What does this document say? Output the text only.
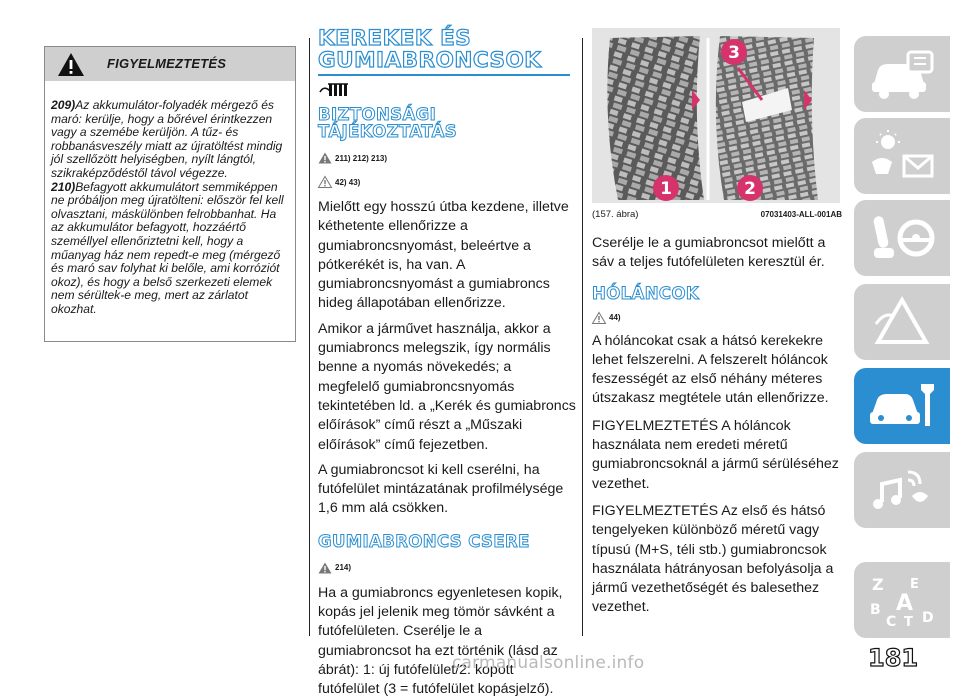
FIGYELMEZTETÉS

209)Az akkumulátor-folyadék mérgező és maró: kerülje, hogy a bőrével érintkezzen vagy a szemébe kerüljön. A tűz- és robbanásveszély miatt az újratöltést mindig jól szellőzött helyiségben, nyílt lángtól, szikraképződéstől távol végezze.

210)Befagyott akkumulátort semmiképpen ne próbáljon meg újratölteni: először fel kell olvasztani, máskülönben felrobbanhat. Ha az akkumulátor befagyott, hozzáértő személlyel ellenőriztetni kell, hogy a műanyag ház nem repedt-e meg (mérgező és maró sav folyhat ki belőle, ami korróziót okoz), és hogy a belső szerkezeti elemek nem sérültek-e meg, mert az zárlatot okozhat.

KEREKEK ÉS
GUMIABRONCSOK
BIZTONSÁGI
TÁJÉKOZTATÁS
211) 212) 213)
42) 43)

Mielőtt egy hosszú útba kezdene, illetve kéthetente ellenőrizze a gumiabroncsnyomást, beleértve a pótkerékét is, ha van. A gumiabroncsnyomást a gumiabroncs hideg állapotában ellenőrizze.

Amikor a járművet használja, akkor a gumiabroncs melegszik, így normális benne a nyomás növekedés; a megfelelő gumiabroncsnyomás tekintetében ld. a „Kerék és gumiabroncs előírások” című részt a „Műszaki előírások” című fejezetben.

A gumiabroncsot ki kell cserélni, ha futófelület mintázatának profilmélysége 1,6 mm alá csökken.

GUMIABRONCS CSERE
214)

Ha a gumiabroncs egyenletesen kopik, kopás jel jelenik meg tömör sávként a futófelületen. Cserélje le a gumiabroncsot ha ezt történik (lásd az ábrát): 1: új futófelület/2: kopott futófelület (3 = futófelület kopásjelző).

3
1	2
(157. ábra)	07031403-ALL-001AB

Cserélje le a gumiabroncsot mielőtt a sáv a teljes futófelületen keresztül ér.

HÓLÁNCOK
44)

A hóláncokat csak a hátsó kerekekre lehet felszerelni. A felszerelt hóláncok feszességét az első néhány méteres útszakasz megtétele után ellenőrizze.

FIGYELMEZTETÉS A hóláncok használata nem eredeti méretű gumiabroncsoknál a jármű sérüléséhez vezethet.

FIGYELMEZTETÉS Az első és hátsó tengelyeken különböző méretű vagy típusú (M+S, téli stb.) gumiabroncsok használata hátrányosan befolyásolja a jármű vezethetőségét és balesethez vezethet.

Z E
B A
C T D
181
carmanualsonline.info
